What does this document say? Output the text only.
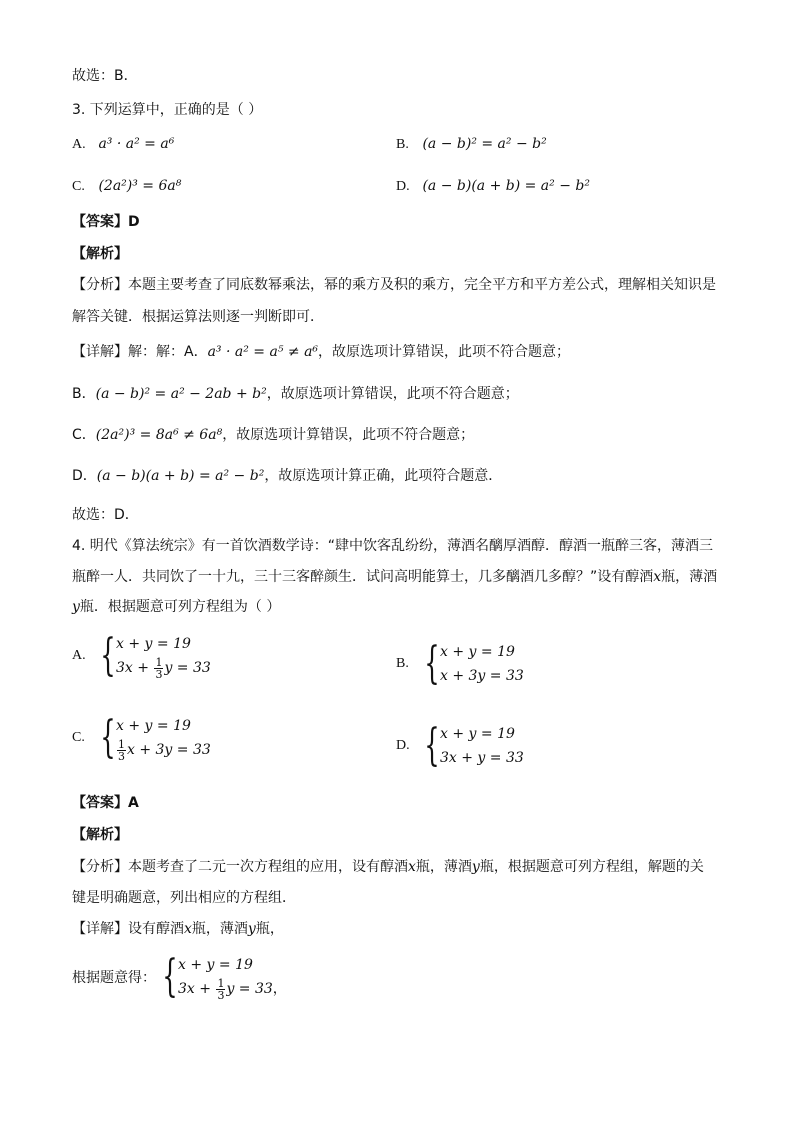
故选：B．
3. 下列运算中，正确的是（ ）
A. a³ · a² = a⁶	B. (a − b)² = a² − b²
C. (2a²)³ = 6a⁸	D. (a − b)(a + b) = a² − b²
【答案】D
【解析】
【分析】本题主要考查了同底数幂乘法，幂的乘方及积的乘方，完全平方和平方差公式，理解相关知识是
解答关键．根据运算法则逐一判断即可．
【详解】解：解：A．a³ · a² = a⁵ ≠ a⁶，故原选项计算错误，此项不符合题意；
B．(a − b)² = a² − 2ab + b²，故原选项计算错误，此项不符合题意；
C．(2a²)³ = 8a⁶ ≠ 6a⁸，故原选项计算错误，此项不符合题意；
D．(a − b)(a + b) = a² − b²，故原选项计算正确，此项符合题意．
故选：D．
4. 明代《算法统宗》有一首饮酒数学诗：“肆中饮客乱纷纷，薄酒名醨厚酒醇．醇酒一瓶醉三客，薄酒三
瓶醉一人．共同饮了一十九，三十三客醉颜生．试问高明能算士，几多醨酒几多醇？”设有醇酒x瓶，薄酒
y瓶．根据题意可列方程组为（ ）
A. { x + y = 19
$3x + \frac{1}{3}$ y = 33	B. { x + y = 19
x + 3y = 33
C. { x + y = 19
$\frac{1}{3}$ x + 3y = 33	D. { x + y = 19
3x + y = 33
【答案】A
【解析】
【分析】本题考查了二元一次方程组的应用，设有醇酒x瓶，薄酒y瓶，根据题意可列方程组，解题的关
键是明确题意，列出相应的方程组．
【详解】设有醇酒x瓶，薄酒y瓶，
根据题意得： { x + y = 19
$3x + \frac{1}{3}$ y = 33，
